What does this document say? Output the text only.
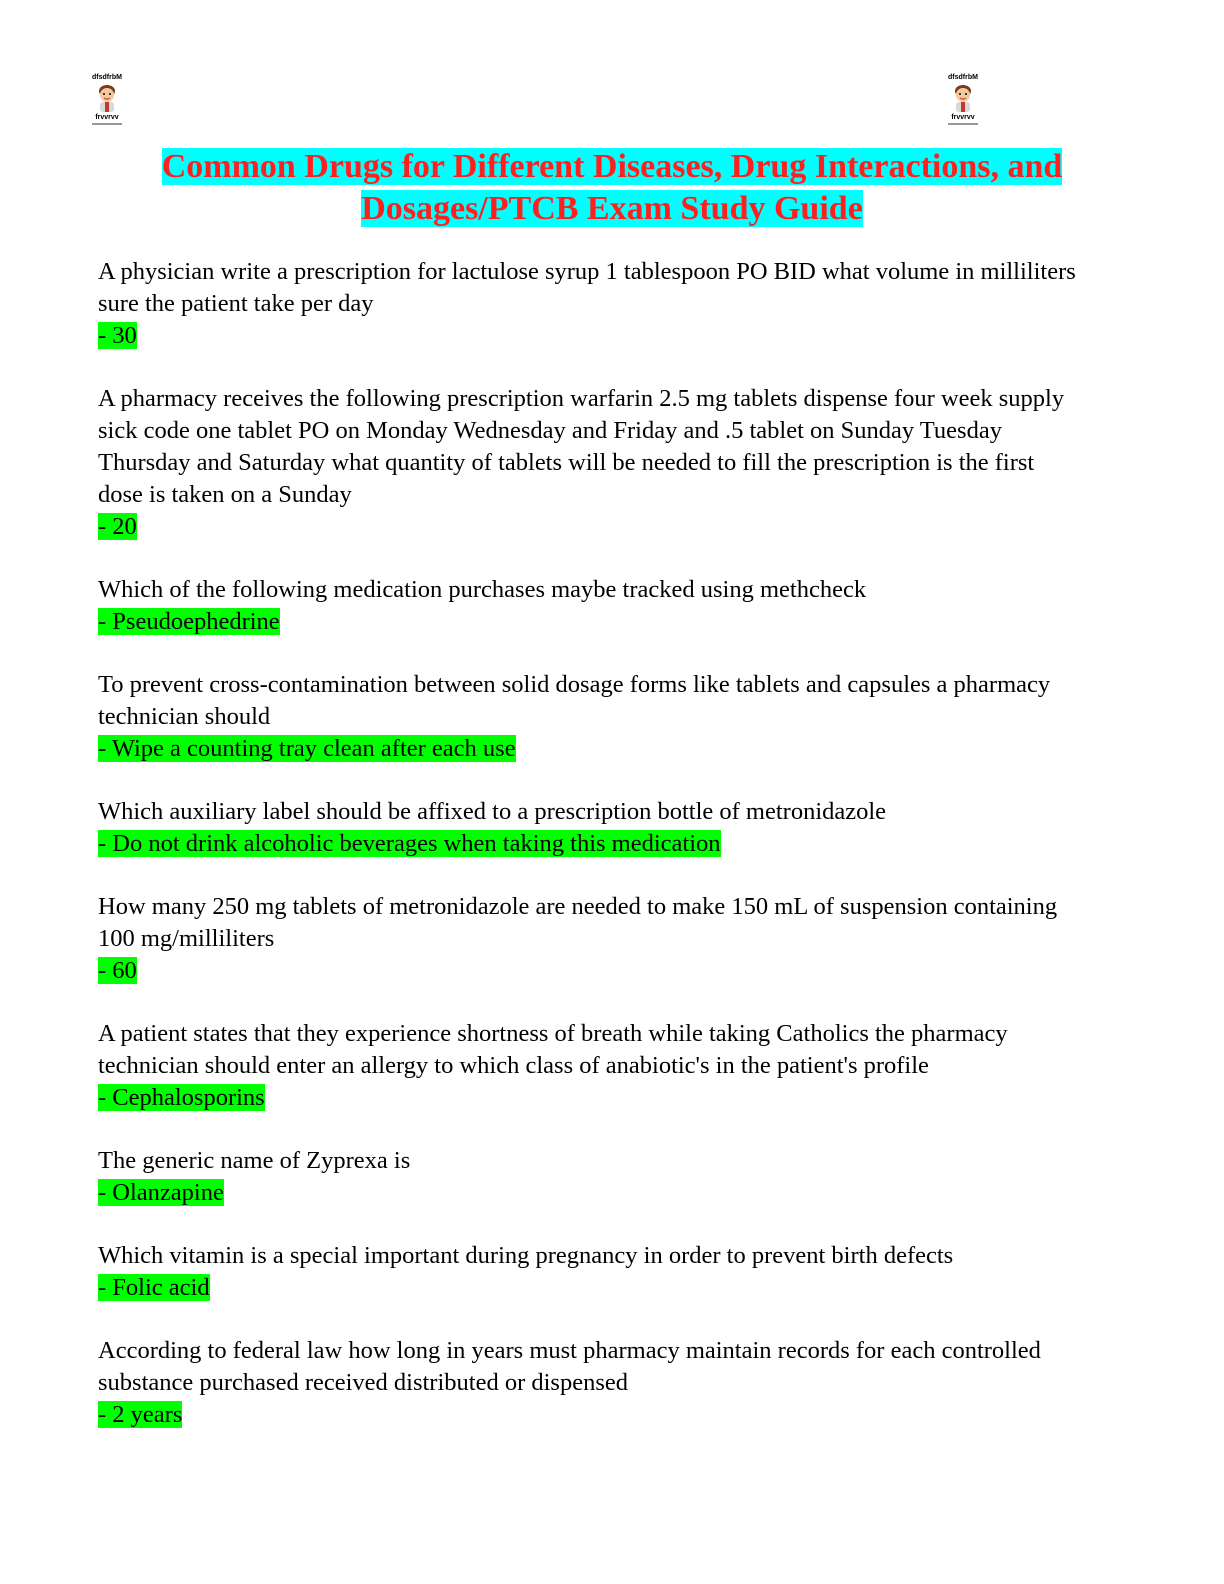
dfsdfrbM
frvvrvv
dfsdfrbM
frvvrvv
Common Drugs for Different Diseases, Drug Interactions, and
Dosages/PTCB Exam Study Guide
A physician write a prescription for lactulose syrup 1 tablespoon PO BID what volume in milliliters sure the patient take per day
- 30
A pharmacy receives the following prescription warfarin 2.5 mg tablets dispense four week supply sick code one tablet PO on Monday Wednesday and Friday and .5 tablet on Sunday Tuesday Thursday and Saturday what quantity of tablets will be needed to fill the prescription is the first dose is taken on a Sunday
- 20
Which of the following medication purchases maybe tracked using methcheck
- Pseudoephedrine
To prevent cross-contamination between solid dosage forms like tablets and capsules a pharmacy technician should
- Wipe a counting tray clean after each use
Which auxiliary label should be affixed to a prescription bottle of metronidazole
- Do not drink alcoholic beverages when taking this medication
How many 250 mg tablets of metronidazole are needed to make 150 mL of suspension containing 100 mg/milliliters
- 60
A patient states that they experience shortness of breath while taking Catholics the pharmacy technician should enter an allergy to which class of anabiotic's in the patient's profile
- Cephalosporins
The generic name of Zyprexa is
- Olanzapine
Which vitamin is a special important during pregnancy in order to prevent birth defects
- Folic acid
According to federal law how long in years must pharmacy maintain records for each controlled substance purchased received distributed or dispensed
- 2 years
